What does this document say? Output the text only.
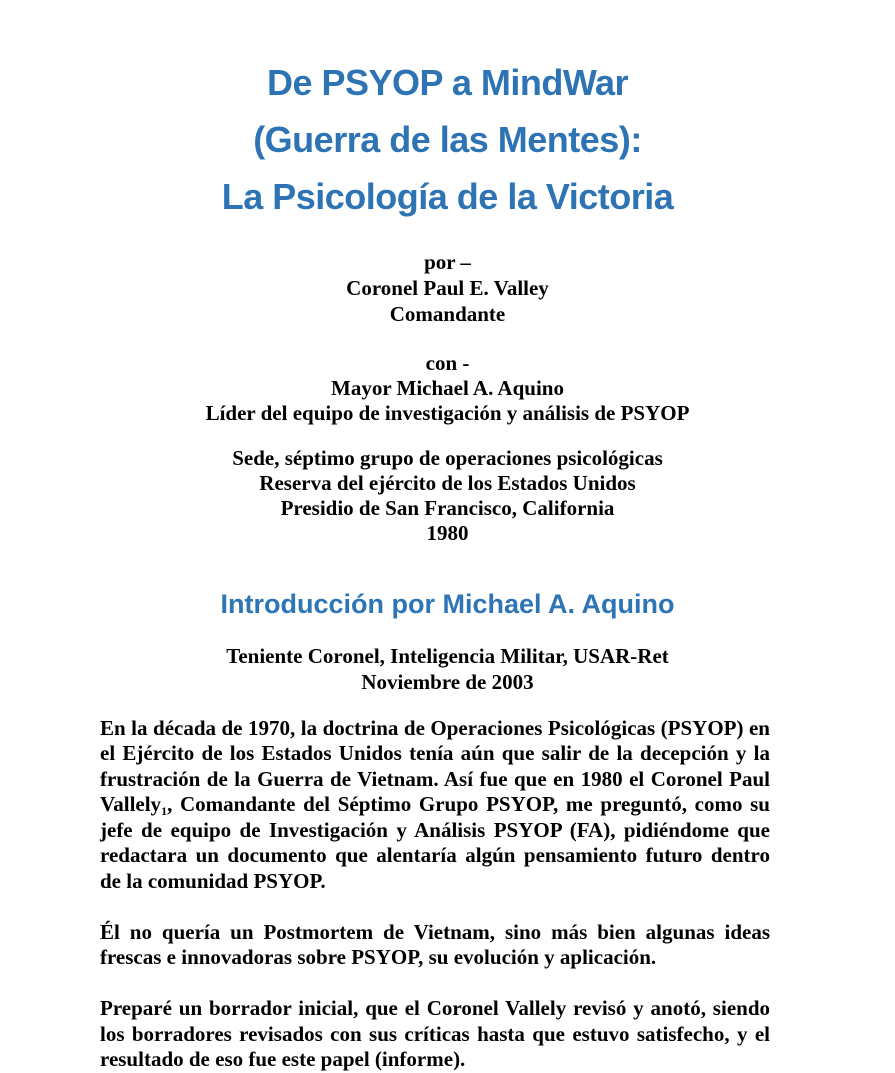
De PSYOP a MindWar
(Guerra de las Mentes):
La Psicología de la Victoria
por –
Coronel Paul E. Valley
Comandante
con -
Mayor Michael A. Aquino
Líder del equipo de investigación y análisis de PSYOP
Sede, séptimo grupo de operaciones psicológicas
Reserva del ejército de los Estados Unidos
Presidio de San Francisco, California
1980
Introducción por Michael A. Aquino
Teniente Coronel, Inteligencia Militar, USAR-Ret
Noviembre de 2003

En la década de 1970, la doctrina de Operaciones Psicológicas (PSYOP) en el Ejército de los Estados Unidos tenía aún que salir de la decepción y la frustración de la Guerra de Vietnam. Así fue que en 1980 el Coronel Paul Vallely$_1$, Comandante del Séptimo Grupo PSYOP, me preguntó, como su jefe de equipo de Investigación y Análisis PSYOP (FA), pidiéndome que redactara un documento que alentaría algún pensamiento futuro dentro de la comunidad PSYOP.

Él no quería un Postmortem de Vietnam, sino más bien algunas ideas frescas e innovadoras sobre PSYOP, su evolución y aplicación.

Preparé un borrador inicial, que el Coronel Vallely revisó y anotó, siendo los borradores revisados con sus críticas hasta que estuvo satisfecho, y el resultado de eso fue este papel (informe).
